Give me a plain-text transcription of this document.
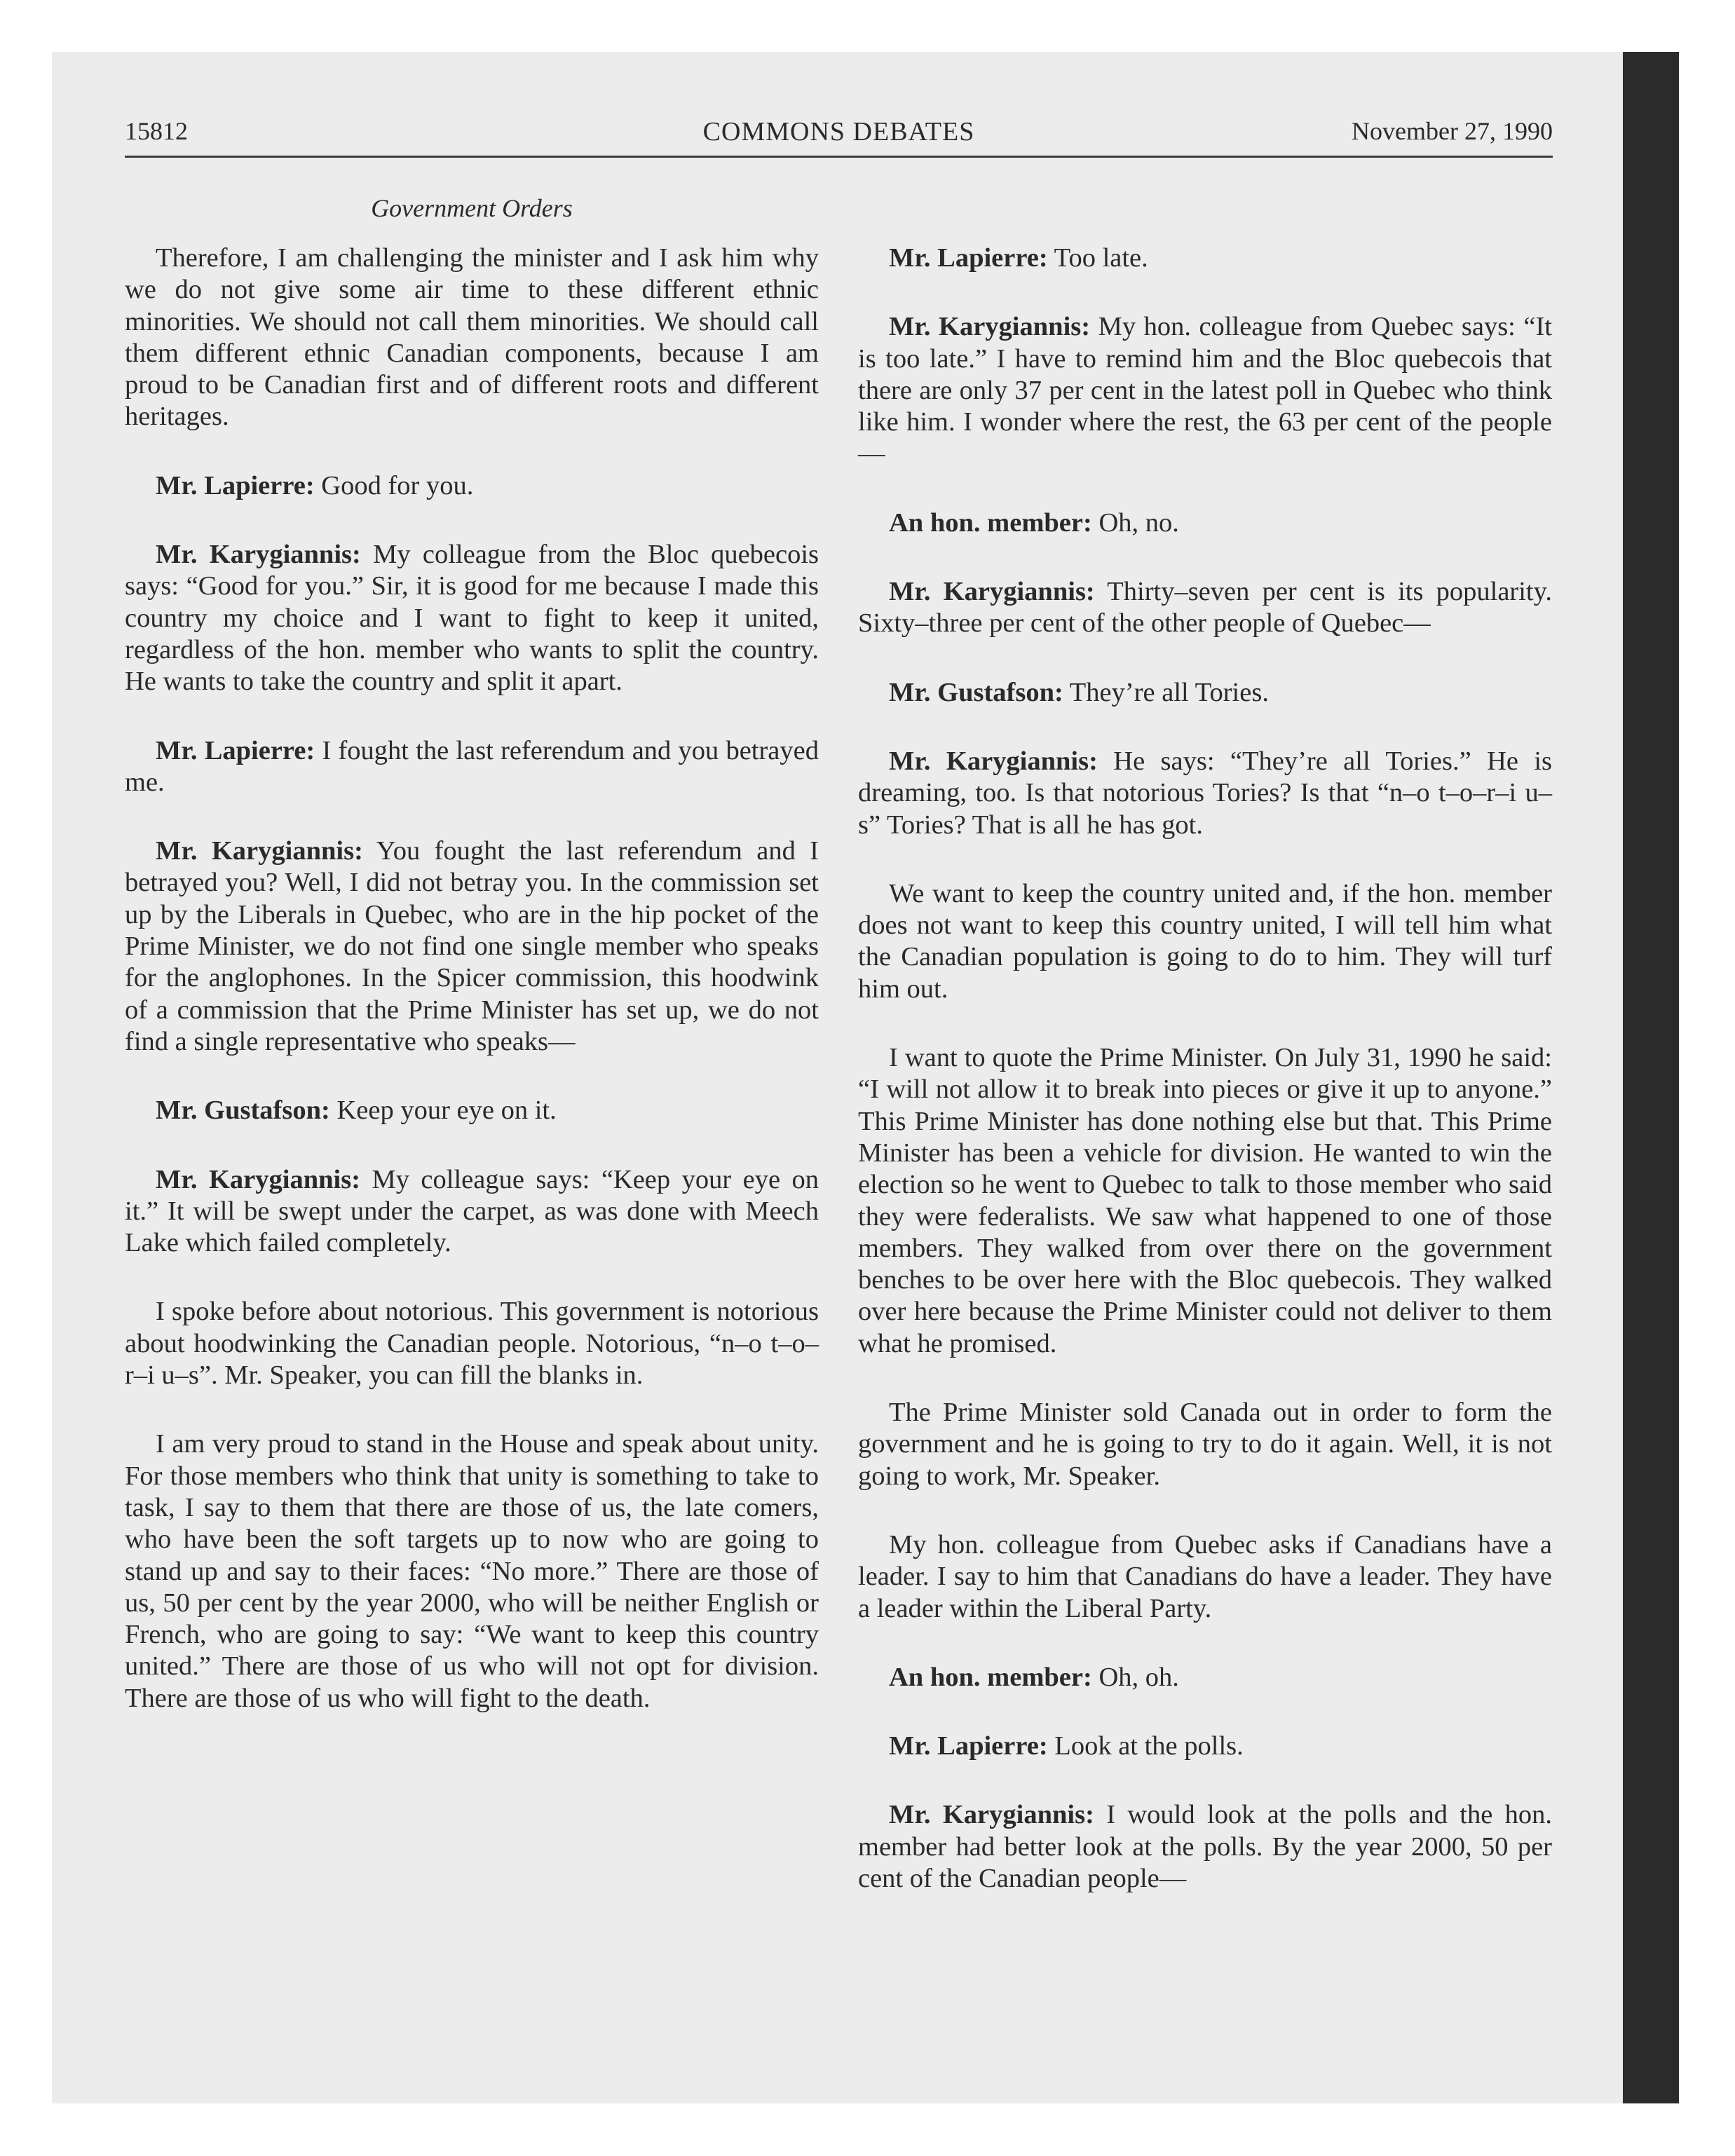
15812	COMMONS DEBATES	November 27, 1990
Government Orders

Therefore, I am challenging the minister and I ask him why we do not give some air time to these different ethnic minorities. We should not call them minorities. We should call them different ethnic Canadian components, because I am proud to be Canadian first and of different roots and different heritages.

Mr. Lapierre: Good for you.

Mr. Karygiannis: My colleague from the Bloc quebecois says: “Good for you.” Sir, it is good for me because I made this country my choice and I want to fight to keep it united, regardless of the hon. member who wants to split the country. He wants to take the country and split it apart.

Mr. Lapierre: I fought the last referendum and you betrayed me.

Mr. Karygiannis: You fought the last referendum and I betrayed you? Well, I did not betray you. In the commission set up by the Liberals in Quebec, who are in the hip pocket of the Prime Minister, we do not find one single member who speaks for the anglophones. In the Spicer commission, this hoodwink of a commission that the Prime Minister has set up, we do not find a single representative who speaks—

Mr. Gustafson: Keep your eye on it.

Mr. Karygiannis: My colleague says: “Keep your eye on it.” It will be swept under the carpet, as was done with Meech Lake which failed completely.

I spoke before about notorious. This government is notorious about hoodwinking the Canadian people. Notorious, “n–o t–o–r–i u–s”. Mr. Speaker, you can fill the blanks in.

I am very proud to stand in the House and speak about unity. For those members who think that unity is something to take to task, I say to them that there are those of us, the late comers, who have been the soft targets up to now who are going to stand up and say to their faces: “No more.” There are those of us, 50 per cent by the year 2000, who will be neither English or French, who are going to say: “We want to keep this country united.” There are those of us who will not opt for division. There are those of us who will fight to the death.

Mr. Lapierre: Too late.

Mr. Karygiannis: My hon. colleague from Quebec says: “It is too late.” I have to remind him and the Bloc quebecois that there are only 37 per cent in the latest poll in Quebec who think like him. I wonder where the rest, the 63 per cent of the people—

An hon. member: Oh, no.

Mr. Karygiannis: Thirty–seven per cent is its popularity. Sixty–three per cent of the other people of Quebec—

Mr. Gustafson: They’re all Tories.

Mr. Karygiannis: He says: “They’re all Tories.” He is dreaming, too. Is that notorious Tories? Is that “n–o t–o–r–i u–s” Tories? That is all he has got.

We want to keep the country united and, if the hon. member does not want to keep this country united, I will tell him what the Canadian population is going to do to him. They will turf him out.

I want to quote the Prime Minister. On July 31, 1990 he said: “I will not allow it to break into pieces or give it up to anyone.” This Prime Minister has done nothing else but that. This Prime Minister has been a vehicle for division. He wanted to win the election so he went to Quebec to talk to those member who said they were federalists. We saw what happened to one of those members. They walked from over there on the government benches to be over here with the Bloc quebecois. They walked over here because the Prime Minister could not deliver to them what he promised.

The Prime Minister sold Canada out in order to form the government and he is going to try to do it again. Well, it is not going to work, Mr. Speaker.

My hon. colleague from Quebec asks if Canadians have a leader. I say to him that Canadians do have a leader. They have a leader within the Liberal Party.

An hon. member: Oh, oh.

Mr. Lapierre: Look at the polls.

Mr. Karygiannis: I would look at the polls and the hon. member had better look at the polls. By the year 2000, 50 per cent of the Canadian people—
